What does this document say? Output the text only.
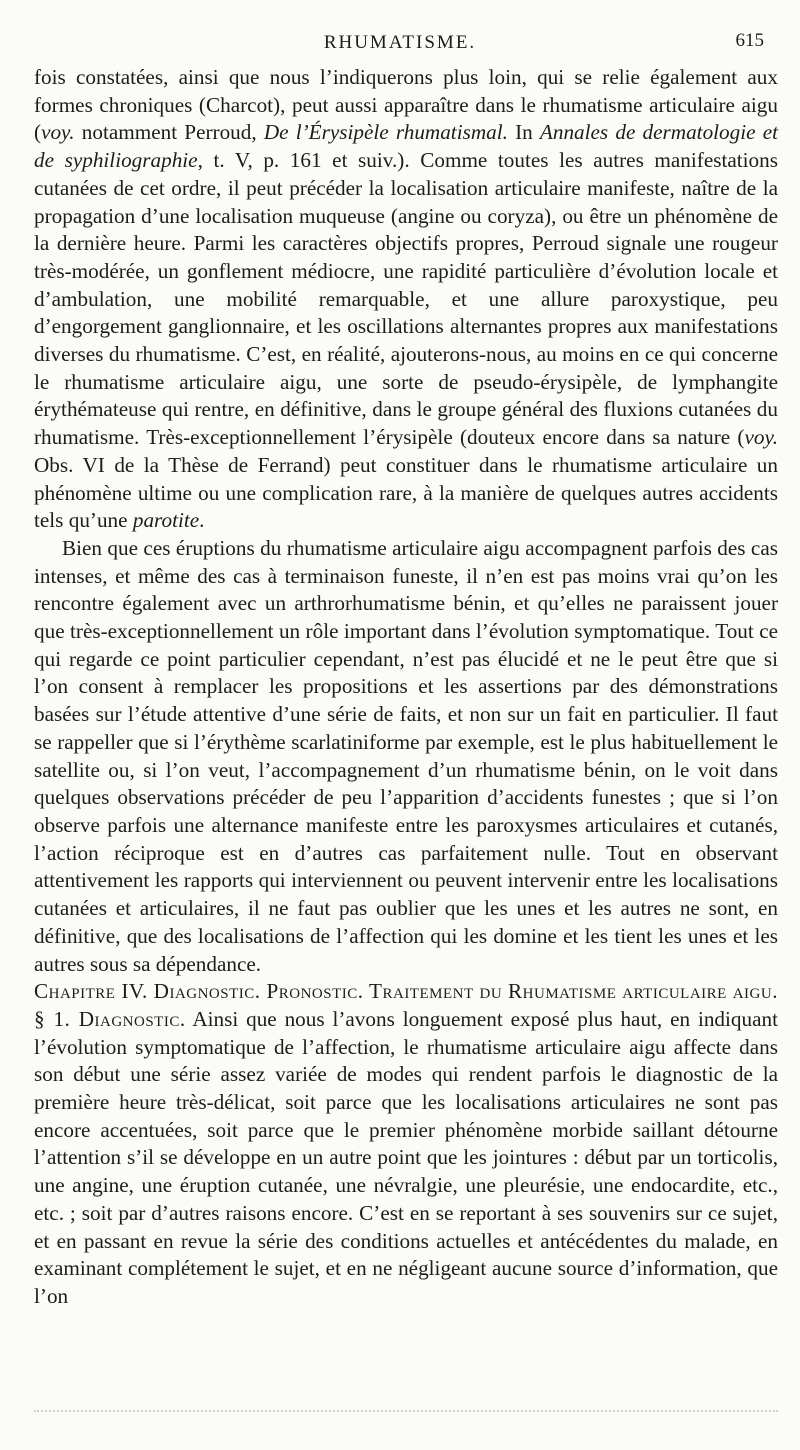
RHUMATISME.	615

fois constatées, ainsi que nous l’indiquerons plus loin, qui se relie également aux formes chroniques (Charcot), peut aussi apparaître dans le rhumatisme articulaire aigu (voy. notamment Perroud, De l’Érysipèle rhumatismal. In Annales de dermatologie et de syphiliographie, t. V, p. 161 et suiv.). Comme toutes les autres manifestations cutanées de cet ordre, il peut précéder la localisation articulaire manifeste, naître de la propagation d’une localisation muqueuse (angine ou coryza), ou être un phénomène de la dernière heure. Parmi les caractères objectifs propres, Perroud signale une rougeur très-modérée, un gonflement médiocre, une rapidité particulière d’évolution locale et d’ambulation, une mobilité remarquable, et une allure paroxystique, peu d’engorgement ganglionnaire, et les oscillations alternantes propres aux manifestations diverses du rhumatisme. C’est, en réalité, ajouterons-nous, au moins en ce qui concerne le rhumatisme articulaire aigu, une sorte de pseudo-érysipèle, de lymphangite érythémateuse qui rentre, en définitive, dans le groupe général des fluxions cutanées du rhumatisme. Très-exceptionnellement l’érysipèle (douteux encore dans sa nature (voy. Obs. VI de la Thèse de Ferrand) peut constituer dans le rhumatisme articulaire un phénomène ultime ou une complication rare, à la manière de quelques autres accidents tels qu’une parotite.

Bien que ces éruptions du rhumatisme articulaire aigu accompagnent parfois des cas intenses, et même des cas à terminaison funeste, il n’en est pas moins vrai qu’on les rencontre également avec un arthrorhumatisme bénin, et qu’elles ne paraissent jouer que très-exceptionnellement un rôle important dans l’évolution symptomatique. Tout ce qui regarde ce point particulier cependant, n’est pas élucidé et ne le peut être que si l’on consent à remplacer les propositions et les assertions par des démonstrations basées sur l’étude attentive d’une série de faits, et non sur un fait en particulier. Il faut se rappeller que si l’érythème scarlatiniforme par exemple, est le plus habituellement le satellite ou, si l’on veut, l’accompagnement d’un rhumatisme bénin, on le voit dans quelques observations précéder de peu l’apparition d’accidents funestes ; que si l’on observe parfois une alternance manifeste entre les paroxysmes articulaires et cutanés, l’action réciproque est en d’autres cas parfaitement nulle. Tout en observant attentivement les rapports qui interviennent ou peuvent intervenir entre les localisations cutanées et articulaires, il ne faut pas oublier que les unes et les autres ne sont, en définitive, que des localisations de l’affection qui les domine et les tient les unes et les autres sous sa dépendance.

Chapitre IV. Diagnostic. Pronostic. Traitement du Rhumatisme articulaire aigu. § 1. Diagnostic. Ainsi que nous l’avons longuement exposé plus haut, en indiquant l’évolution symptomatique de l’affection, le rhumatisme articulaire aigu affecte dans son début une série assez variée de modes qui rendent parfois le diagnostic de la première heure très-délicat, soit parce que les localisations articulaires ne sont pas encore accentuées, soit parce que le premier phénomène morbide saillant détourne l’attention s’il se développe en un autre point que les jointures : début par un torticolis, une angine, une éruption cutanée, une névralgie, une pleurésie, une endocardite, etc., etc. ; soit par d’autres raisons encore. C’est en se reportant à ses souvenirs sur ce sujet, et en passant en revue la série des conditions actuelles et antécédentes du malade, en examinant complétement le sujet, et en ne négligeant aucune source d’information, que l’on
